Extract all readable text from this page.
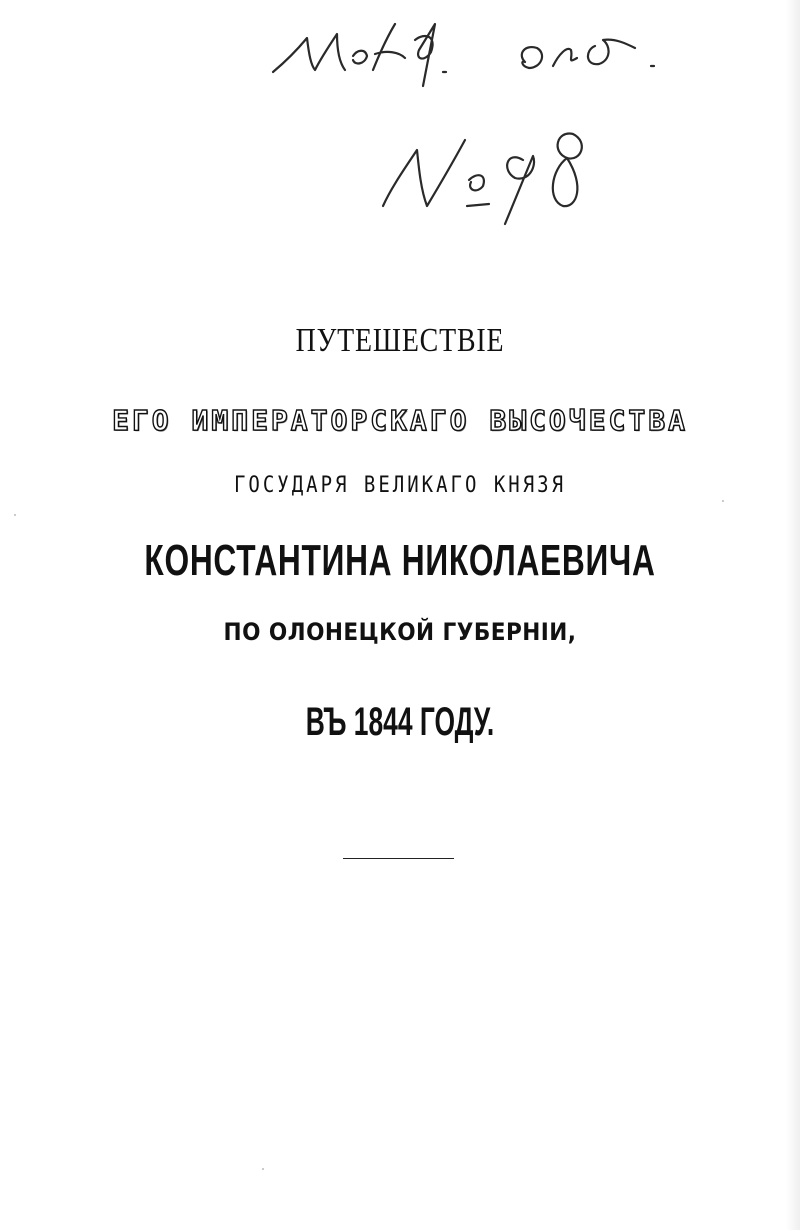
ПУТЕШЕСТВІЕ
ЕГО ИМПЕРАТОРСКАГО ВЫСОЧЕСТВА
ГОСУДАРЯ ВЕЛИКАГО КНЯЗЯ
КОНСТАНТИНА НИКОЛАЕВИЧА
ПО ОЛОНЕЦКОЙ ГУБЕРНІИ,
ВЪ 1844 ГОДУ.
